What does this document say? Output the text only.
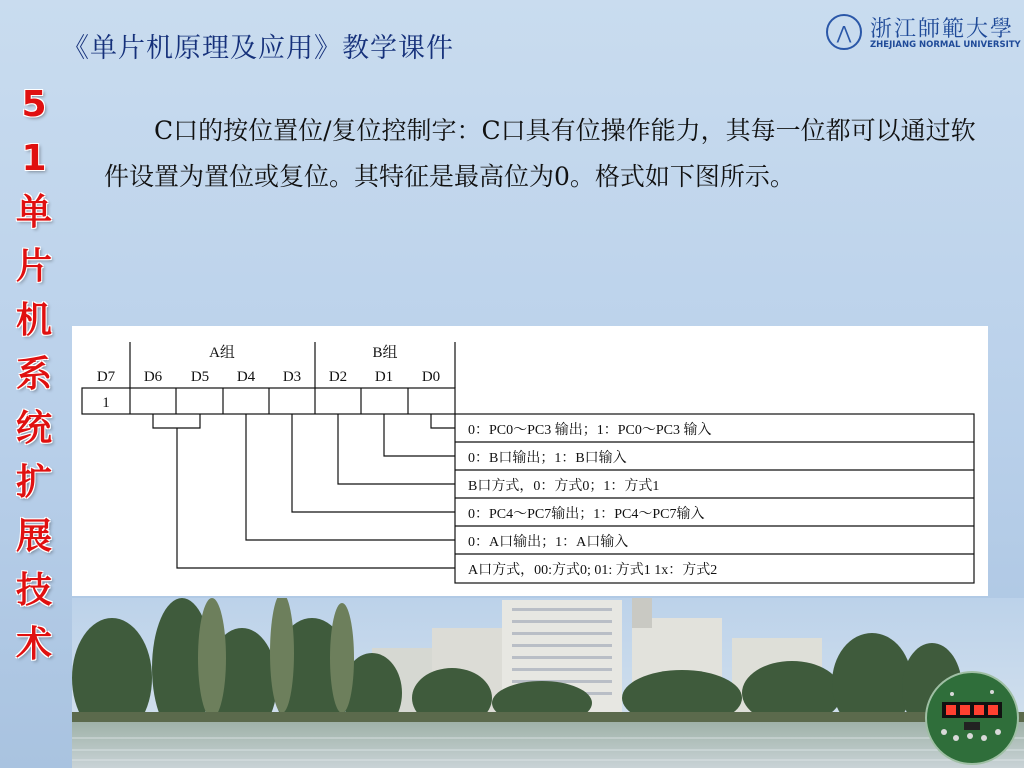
《单片机原理及应用》教学课件	⋀ 浙江師範大學
ZHEJIANG NORMAL UNIVERSITY
5
1
单
片
机
系
统
扩
展
技
术

C口的按位置位/复位控制字：C口具有位操作能力，其每一位都可以通过软件设置为置位或复位。其特征是最高位为0。格式如下图所示。

A组	B组
D7 D6 D5 D4 D3 D2 D1 D0
1
0：PC0～PC3 输出；1：PC0～PC3 输入
0：B口输出；1：B口输入
B口方式，0：方式0；1：方式1
0：PC4～PC7输出；1：PC4～PC7输入
0：A口输出；1：A口输入
A口方式，00:方式0; 01: 方式1 1x：方式2
